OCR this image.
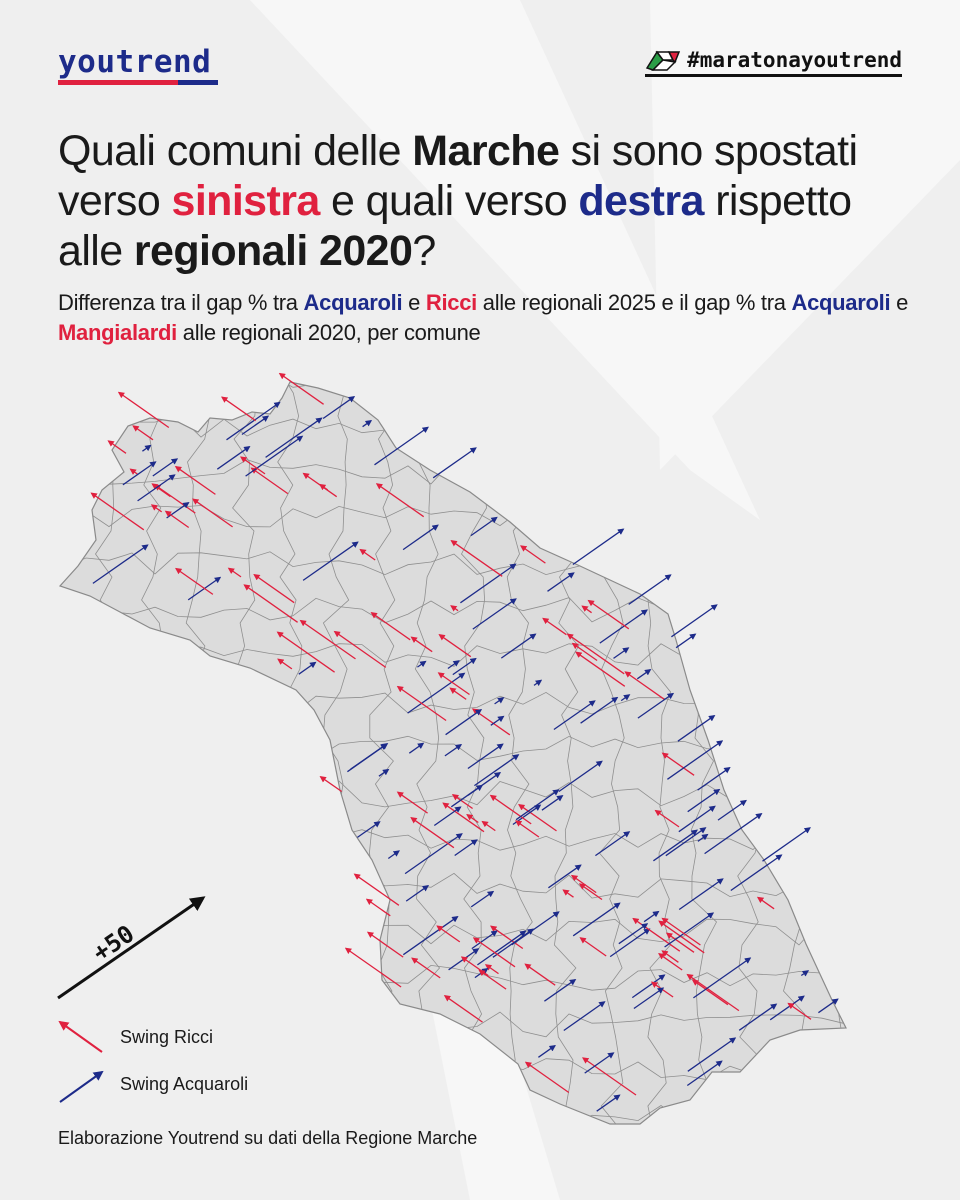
youtrend	#maratonayoutrend
Quali comuni delle Marche si sono spostati verso sinistra e quali verso destra rispetto alle regionali 2020?
Differenza tra il gap % tra Acquaroli e Ricci alle regionali 2025 e il gap % tra Acquaroli e Mangialardi alle regionali 2020, per comune
+50
Swing Ricci
Swing Acquaroli
Elaborazione Youtrend su dati della Regione Marche
